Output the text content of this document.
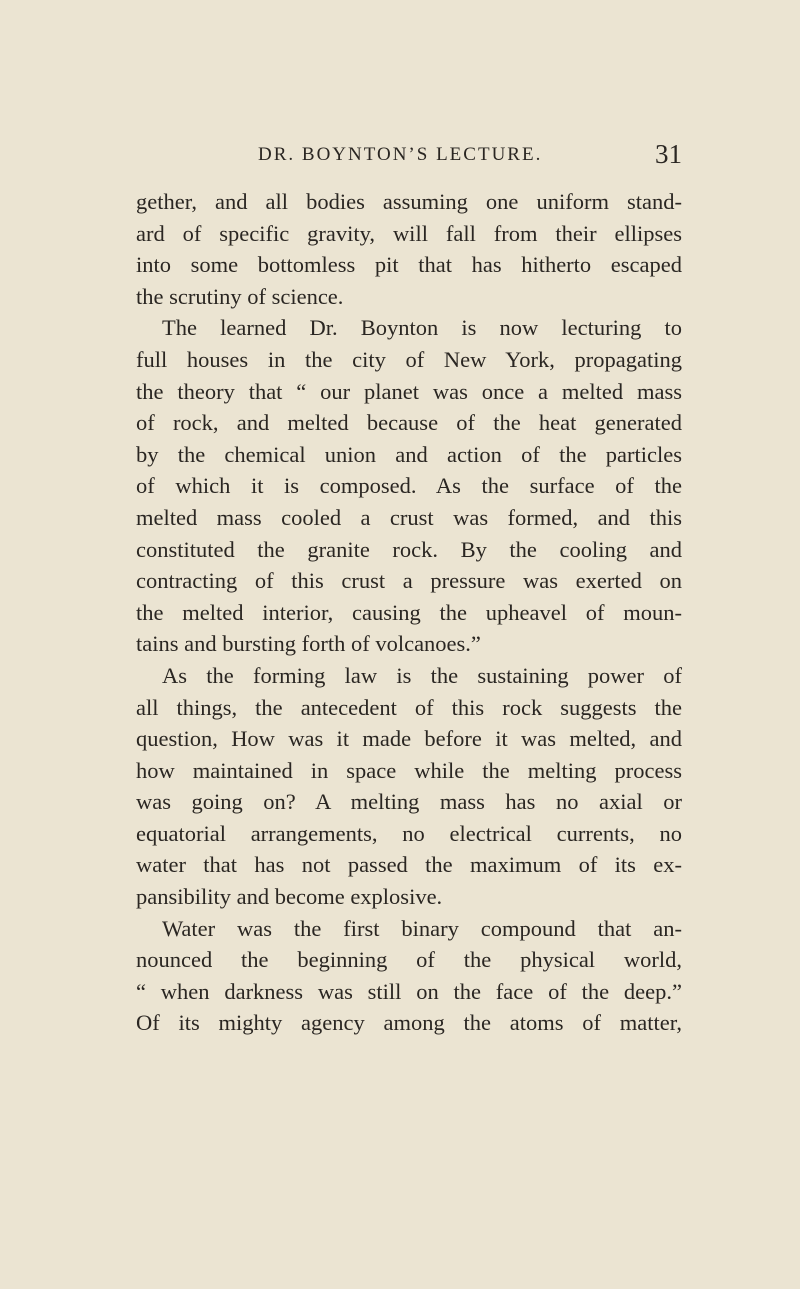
DR. BOYNTON’S LECTURE.	31
gether, and all bodies assuming one uniform stand-
ard of specific gravity, will fall from their ellipses
into some bottomless pit that has hitherto escaped
the scrutiny of science.
The learned Dr. Boynton is now lecturing to
full houses in the city of New York, propagating
the theory that “ our planet was once a melted mass
of rock, and melted because of the heat generated
by the chemical union and action of the particles
of which it is composed. As the surface of the
melted mass cooled a crust was formed, and this
constituted the granite rock. By the cooling and
contracting of this crust a pressure was exerted on
the melted interior, causing the upheavel of moun-
tains and bursting forth of volcanoes.”
As the forming law is the sustaining power of
all things, the antecedent of this rock suggests the
question, How was it made before it was melted, and
how maintained in space while the melting process
was going on? A melting mass has no axial or
equatorial arrangements, no electrical currents, no
water that has not passed the maximum of its ex-
pansibility and become explosive.
Water was the first binary compound that an-
nounced the beginning of the physical world,
“ when darkness was still on the face of the deep.”
Of its mighty agency among the atoms of matter,
